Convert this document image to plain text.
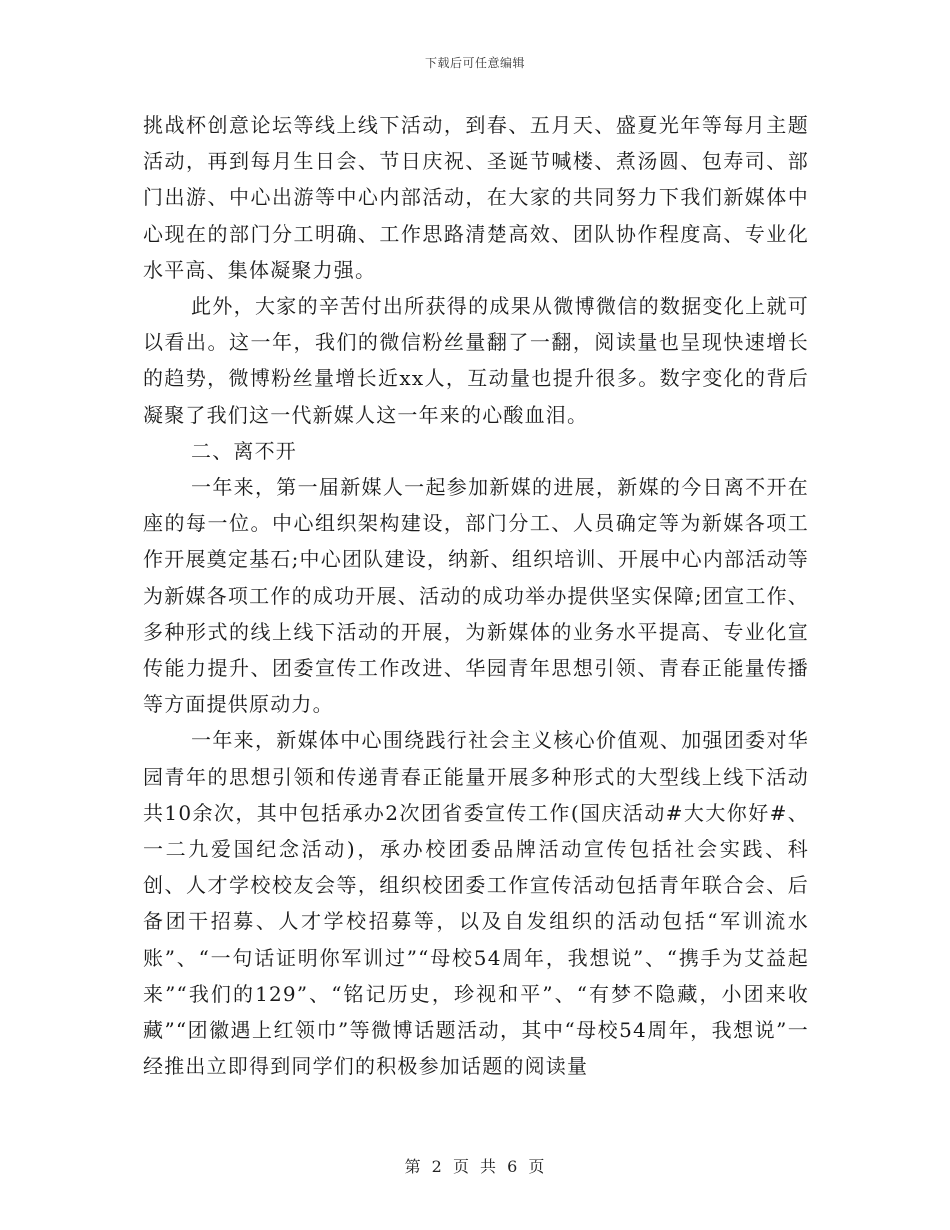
下载后可任意编辑

挑战杯创意论坛等线上线下活动，到春、五月天、盛夏光年等每月主题活动，再到每月生日会、节日庆祝、圣诞节喊楼、煮汤圆、包寿司、部门出游、中心出游等中心内部活动，在大家的共同努力下我们新媒体中心现在的部门分工明确、工作思路清楚高效、团队协作程度高、专业化水平高、集体凝聚力强。

此外，大家的辛苦付出所获得的成果从微博微信的数据变化上就可以看出。这一年，我们的微信粉丝量翻了一翻，阅读量也呈现快速增长的趋势，微博粉丝量增长近xx人，互动量也提升很多。数字变化的背后凝聚了我们这一代新媒人这一年来的心酸血泪。

二、离不开

一年来，第一届新媒人一起参加新媒的进展，新媒的今日离不开在座的每一位。中心组织架构建设，部门分工、人员确定等为新媒各项工作开展奠定基石;中心团队建设，纳新、组织培训、开展中心内部活动等为新媒各项工作的成功开展、活动的成功举办提供坚实保障;团宣工作、多种形式的线上线下活动的开展，为新媒体的业务水平提高、专业化宣传能力提升、团委宣传工作改进、华园青年思想引领、青春正能量传播等方面提供原动力。

一年来，新媒体中心围绕践行社会主义核心价值观、加强团委对华园青年的思想引领和传递青春正能量开展多种形式的大型线上线下活动共10余次，其中包括承办2次团省委宣传工作(国庆活动#大大你好#、一二九爱国纪念活动)，承办校团委品牌活动宣传包括社会实践、科创、人才学校校友会等，组织校团委工作宣传活动包括青年联合会、后备团干招募、人才学校招募等，以及自发组织的活动包括“军训流水账”、“一句话证明你军训过”“母校54周年，我想说”、“携手为艾益起来”“我们的129”、“铭记历史，珍视和平”、“有梦不隐藏，小团来收藏”“团徽遇上红领巾”等微博话题活动，其中“母校54周年，我想说”一经推出立即得到同学们的积极参加话题的阅读量

第 2 页 共 6 页
